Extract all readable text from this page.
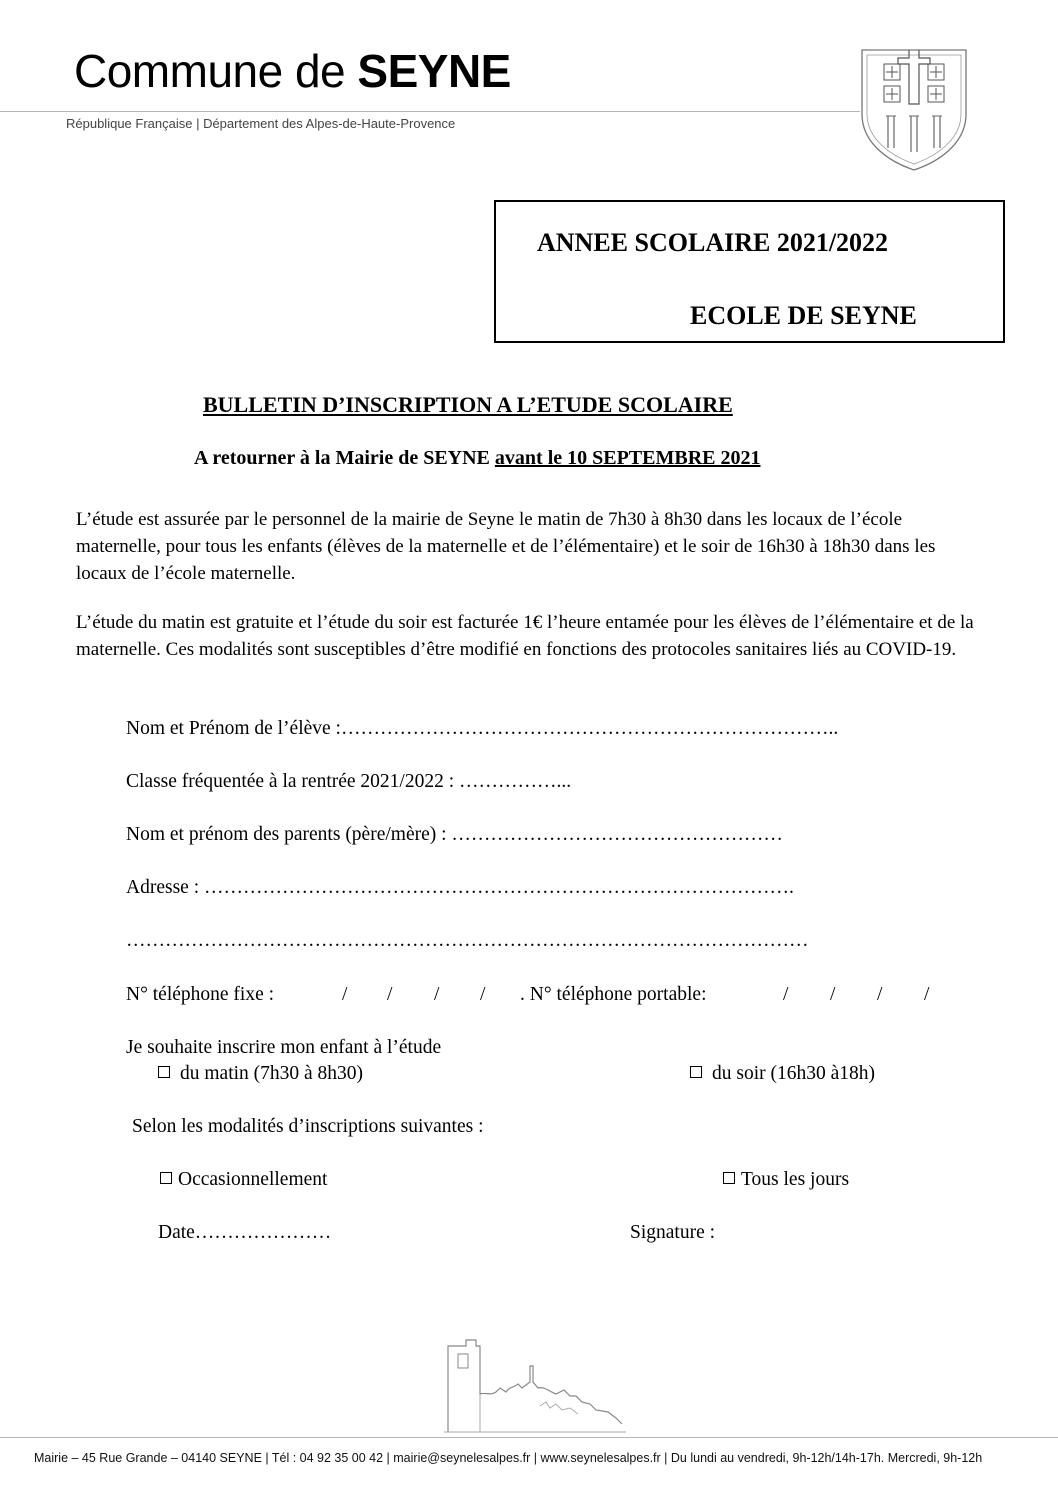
Commune de SEYNE
République Française | Département des Alpes-de-Haute-Provence
ANNEE SCOLAIRE 2021/2022
ECOLE DE SEYNE
BULLETIN D’INSCRIPTION A L’ETUDE SCOLAIRE
A retourner à la Mairie de SEYNE avant le 10 SEPTEMBRE 2021
L’étude est assurée par le personnel de la mairie de Seyne le matin de 7h30 à 8h30 dans les locaux de l’école maternelle, pour tous les enfants (élèves de la maternelle et de l’élémentaire) et le soir de 16h30 à 18h30 dans les locaux de l’école maternelle.
L’étude du matin est gratuite et l’étude du soir est facturée 1€ l’heure entamée pour les élèves de l’élémentaire et de la maternelle. Ces modalités sont susceptibles d’être modifié en fonctions des protocoles sanitaires liés au COVID-19.
Nom et Prénom de l’élève :…………………………………………………………………..
Classe fréquentée à la rentrée 2021/2022 : ……………...
Nom et prénom des parents (père/mère) : ……………………………………………
Adresse : ……………………………………………………………………………….
……………………………………………………………………………………………
N° téléphone fixe :	/ / / / . N° téléphone portable:	/ / / /
Je souhaite inscrire mon enfant à l’étude
du matin (7h30 à 8h30)	du soir (16h30 à18h)
Selon les modalités d’inscriptions suivantes :
Occasionnellement	Tous les jours
Date…………………	Signature :
Mairie – 45 Rue Grande – 04140 SEYNE | Tél : 04 92 35 00 42 | mairie@seynelesalpes.fr | www.seynelesalpes.fr | Du lundi au vendredi, 9h-12h/14h-17h. Mercredi, 9h-12h
